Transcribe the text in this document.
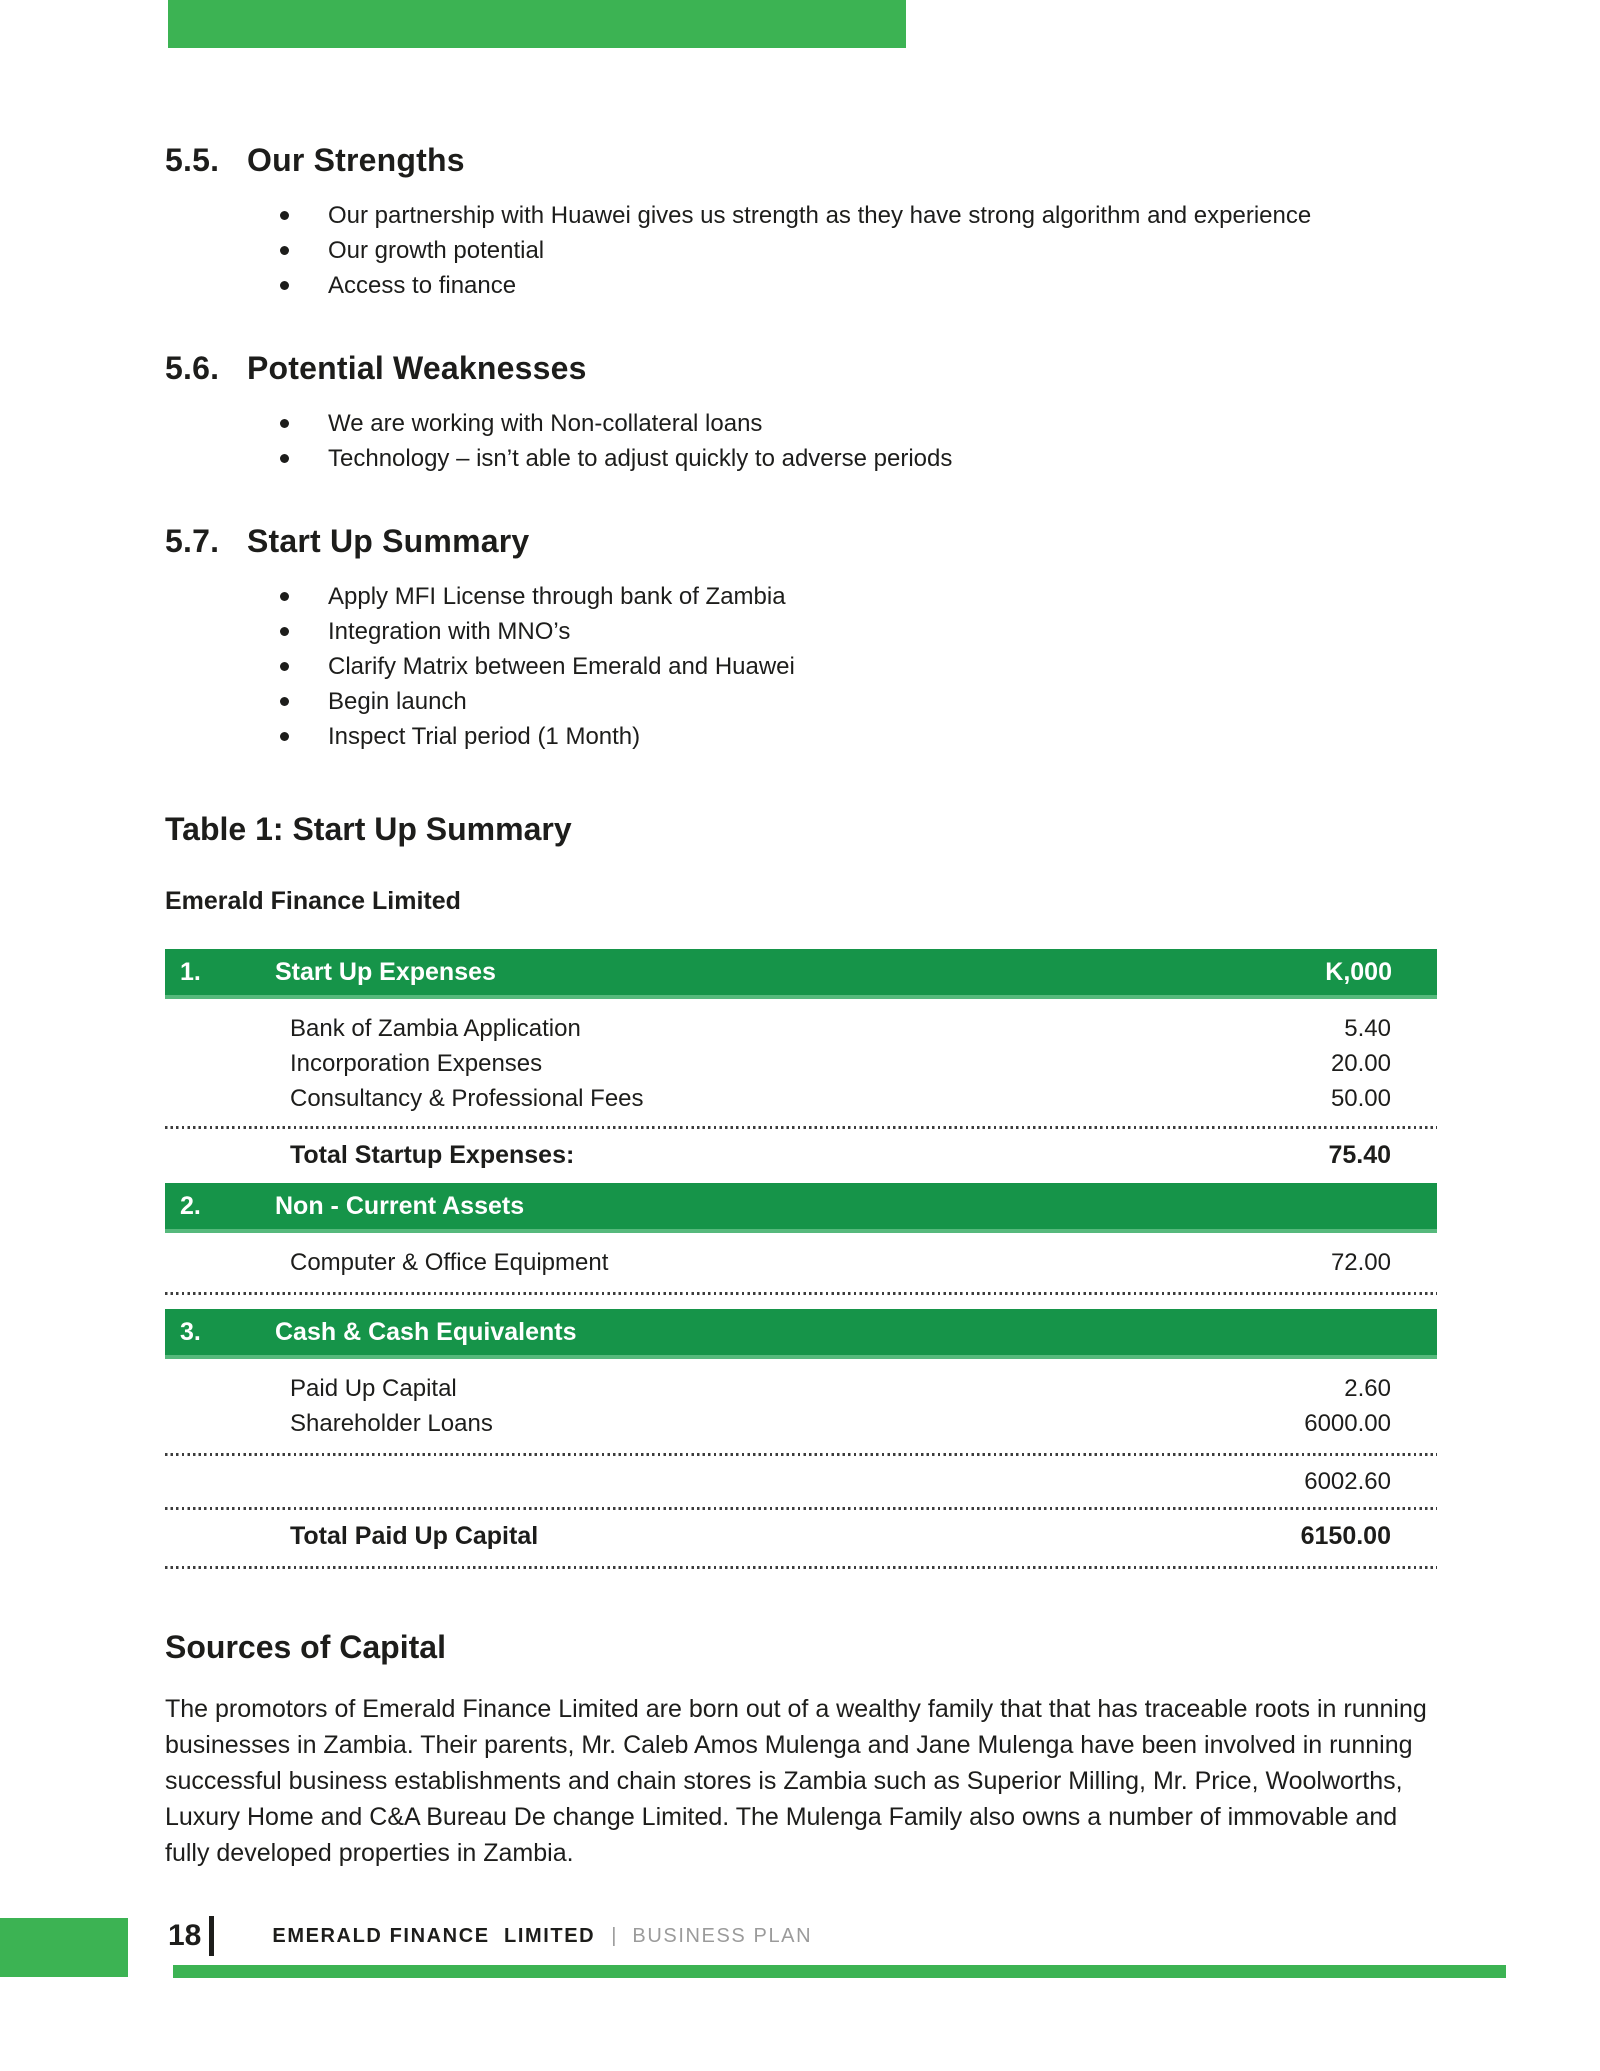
5.5. Our Strengths
Our partnership with Huawei gives us strength as they have strong algorithm and experience
Our growth potential
Access to finance
5.6. Potential Weaknesses
We are working with Non-collateral loans
Technology – isn’t able to adjust quickly to adverse periods
5.7. Start Up Summary
Apply MFI License through bank of Zambia
Integration with MNO’s
Clarify Matrix between Emerald and Huawei
Begin launch
Inspect Trial period (1 Month)
Table 1: Start Up Summary
Emerald Finance Limited
1.	Start Up Expenses	K,000
Bank of Zambia Application	5.40
Incorporation Expenses	20.00
Consultancy & Professional Fees	50.00
Total Startup Expenses:	75.40
2.	Non - Current Assets
Computer & Office Equipment	72.00
3.	Cash & Cash Equivalents
Paid Up Capital	2.60
Shareholder Loans	6000.00
6002.60
Total Paid Up Capital	6150.00
Sources of Capital

The promotors of Emerald Finance Limited are born out of a wealthy family that that has traceable roots in running businesses in Zambia. Their parents, Mr. Caleb Amos Mulenga and Jane Mulenga have been involved in running successful business establishments and chain stores is Zambia such as Superior Milling, Mr. Price, Woolworths, Luxury Home and C&A Bureau De change Limited. The Mulenga Family also owns a number of immovable and fully developed properties in Zambia.

18	EMERALD FINANCE  LIMITED | BUSINESS PLAN
